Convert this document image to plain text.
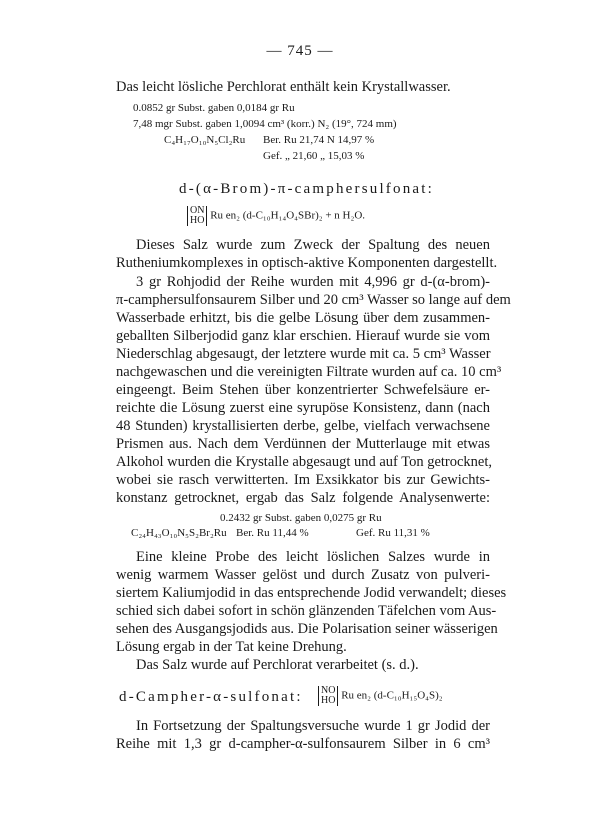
— 745 —
Das leicht lösliche Perchlorat enthält kein Krystallwasser.
0.0852 gr Subst. gaben 0,0184 gr Ru
7,48 mgr Subst. gaben 1,0094 cm³ (korr.) N₂ (19°, 724 mm)
C₄H₁₇O₁₀N₅Cl₂Ru Ber. Ru 21,74 N 14,97 %
Gef. „ 21,60 „ 15,03 %
d-(α-Brom)-π-camphersulfonat:
ON
HO Ru en₂ (d-C₁₀H₁₄O₄SBr)₂ + n H₂O.
Dieses Salz wurde zum Zweck der Spaltung des neuen
Rutheniumkomplexes in optisch-aktive Komponenten dargestellt.
3 gr Rohjodid der Reihe wurden mit 4,996 gr d-(α-brom)-
π-camphersulfonsaurem Silber und 20 cm³ Wasser so lange auf dem
Wasserbade erhitzt, bis die gelbe Lösung über dem zusammen-
geballten Silberjodid ganz klar erschien. Hierauf wurde sie vom
Niederschlag abgesaugt, der letztere wurde mit ca. 5 cm³ Wasser
nachgewaschen und die vereinigten Filtrate wurden auf ca. 10 cm³
eingeengt. Beim Stehen über konzentrierter Schwefelsäure er-
reichte die Lösung zuerst eine syrupöse Konsistenz, dann (nach
48 Stunden) krystallisierten derbe, gelbe, vielfach verwachsene
Prismen aus. Nach dem Verdünnen der Mutterlauge mit etwas
Alkohol wurden die Krystalle abgesaugt und auf Ton getrocknet,
wobei sie rasch verwitterten. Im Exsikkator bis zur Gewichts-
konstanz getrocknet, ergab das Salz folgende Analysenwerte:
0.2432 gr Subst. gaben 0,0275 gr Ru
C₂₄H₄₃O₁₀N₅S₂Br₂Ru Ber. Ru 11,44 %	Gef. Ru 11,31 %
Eine kleine Probe des leicht löslichen Salzes wurde in
wenig warmem Wasser gelöst und durch Zusatz von pulveri-
siertem Kaliumjodid in das entsprechende Jodid verwandelt; dieses
schied sich dabei sofort in schön glänzenden Täfelchen vom Aus-
sehen des Ausgangsjodids aus. Die Polarisation seiner wässerigen
Lösung ergab in der Tat keine Drehung.
Das Salz wurde auf Perchlorat verarbeitet (s. d.).
d-Campher-α-sulfonat: NO
HO Ru en₂ (d-C₁₀H₁₅O₄S)₂
In Fortsetzung der Spaltungsversuche wurde 1 gr Jodid der
Reihe mit 1,3 gr d-campher-α-sulfonsaurem Silber in 6 cm³
